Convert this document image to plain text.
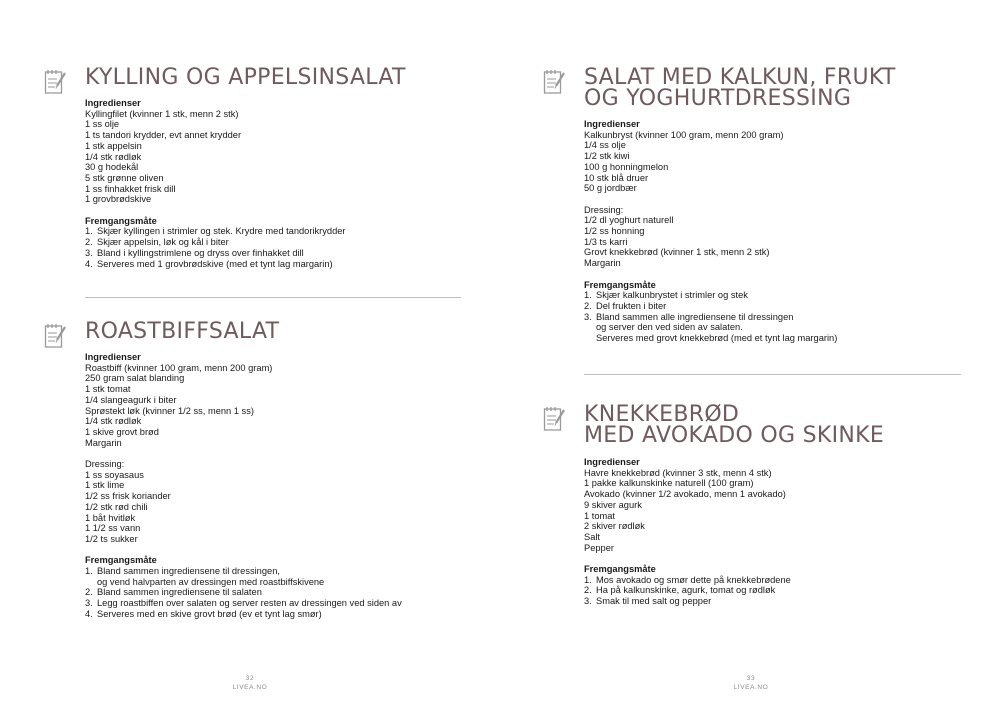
KYLLING OG APPELSINSALAT
Ingredienser
Kyllingfilet (kvinner 1 stk, menn 2 stk)
1 ss olje
1 ts tandori krydder, evt annet krydder
1 stk appelsin
1/4 stk rødløk
30 g hodekål
5 stk grønne oliven
1 ss finhakket frisk dill
1 grovbrødskive
Fremgangsmåte
1. Skjær kyllingen i strimler og stek. Krydre med tandorikrydder
2. Skjær appelsin, løk og kål i biter
3. Bland i kyllingstrimlene og dryss over finhakket dill
4. Serveres med 1 grovbrødskive (med et tynt lag margarin)
ROASTBIFFSALAT
Ingredienser
Roastbiff (kvinner 100 gram, menn 200 gram)
250 gram salat blanding
1 stk tomat
1/4 slangeagurk i biter
Sprøstekt løk (kvinner 1/2 ss, menn 1 ss)
1/4 stk rødløk
1 skive grovt brød
Margarin
Dressing:
1 ss soyasaus
1 stk lime
1/2 ss frisk koriander
1/2 stk rød chili
1 båt hvitløk
1 1/2 ss vann
1/2 ts sukker
Fremgangsmåte
1. Bland sammen ingrediensene til dressingen,
og vend halvparten av dressingen med roastbiffskivene
2. Bland sammen ingrediensene til salaten
3. Legg roastbiffen over salaten og server resten av dressingen ved siden av
4. Serveres med en skive grovt brød (ev et tynt lag smør)
32
LIVEA.NO
SALAT MED KALKUN, FRUKT
OG YOGHURTDRESSING
Ingredienser
Kalkunbryst (kvinner 100 gram, menn 200 gram)
1/4 ss olje
1/2 stk kiwi
100 g honningmelon
10 stk blå druer
50 g jordbær
Dressing:
1/2 dl yoghurt naturell
1/2 ss honning
1/3 ts karri
Grovt knekkebrød (kvinner 1 stk, menn 2 stk)
Margarin
Fremgangsmåte
1. Skjær kalkunbrystet i strimler og stek
2. Del frukten i biter
3. Bland sammen alle ingrediensene til dressingen
og server den ved siden av salaten.
Serveres med grovt knekkebrød (med et tynt lag margarin)
KNEKKEBRØD
MED AVOKADO OG SKINKE
Ingredienser
Havre knekkebrød (kvinner 3 stk, menn 4 stk)
1 pakke kalkunskinke naturell (100 gram)
Avokado (kvinner 1/2 avokado, menn 1 avokado)
9 skiver agurk
1 tomat
2 skiver rødløk
Salt
Pepper
Fremgangsmåte
1. Mos avokado og smør dette på knekkebrødene
2. Ha på kalkunskinke, agurk, tomat og rødløk
3. Smak til med salt og pepper
33
LIVEA.NO
